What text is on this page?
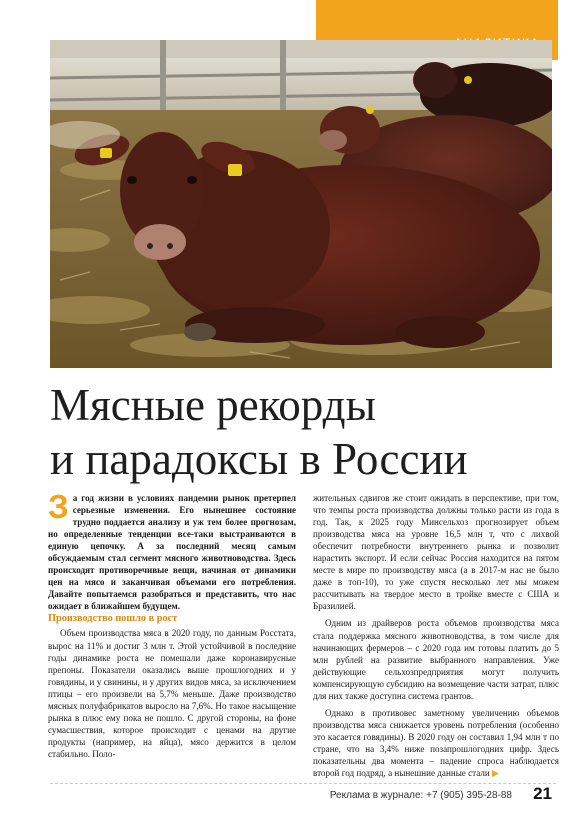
Мясные рекорды
и парадоксы в России

За год жизни в условиях пандемии рынок претерпел серьезные изменения. Его нынешнее состояние трудно поддается анализу и уж тем более прогнозам, но определенные тенденции все-таки выстраиваются в единую цепочку. А за последний месяц самым обсуждаемым стал сегмент мясного животноводства. Здесь происходят противоречивые вещи, начиная от динамики цен на мясо и заканчивая объемами его потребления. Давайте попытаемся разобраться и представить, что нас ожидает в ближайшем будущем.

Производство пошло в рост

Объем производства мяса в 2020 году, по данным Росстата, вырос на 11% и достиг 3 млн т. Этой устойчивой в последние годы динамике роста не помешали даже коронавирусные препоны. Показатели оказались выше прошлогодних и у говядины, и у свинины, и у других видов мяса, за исключением птицы – его произвели на 5,7% меньше. Даже производство мясных полуфабрикатов выросло на 7,6%. Но такое насыщение рынка в плюс ему пока не пошло. С другой стороны, на фоне сумасшествия, которое происходит с ценами на другие продукты (например, на яйца), мясо держится в целом стабильно. Поло-

жительных сдвигов же стоит ожидать в перспективе, при том, что темпы роста производства должны только расти из года в год. Так, к 2025 году Минсельхоз прогнозирует объем производства мяса на уровне 16,5 млн т, что с лихвой обеспечит потребности внутреннего рынка и позволит нарастить экспорт. И если сейчас Россия находится на пятом месте в мире по производству мяса (а в 2017-м нас не было даже в топ-10), то уже спустя несколько лет мы можем рассчитывать на твердое место в тройке вместе с США и Бразилией.

Одним из драйверов роста объемов производства мяса стала поддержка мясного животноводства, в том числе для начинающих фермеров – с 2020 года им готовы платить до 5 млн рублей на развитие выбранного направления. Уже действующие сельхозпредприятия могут получить компенсирующую субсидию на возмещение части затрат, плюс для них также доступна система грантов.

Однако в противовес заметному увеличению объемов производства мяса снижается уровень потребления (особенно это касается говядины). В 2020 году он составил 1,94 млн т по стране, что на 3,4% ниже позапрошлогодних цифр. Здесь показательны два момента – падение спроса наблюдается второй год подряд, а нынешние данные стали ▶

Реклама в журнале: +7 (905) 395-28-88 21
